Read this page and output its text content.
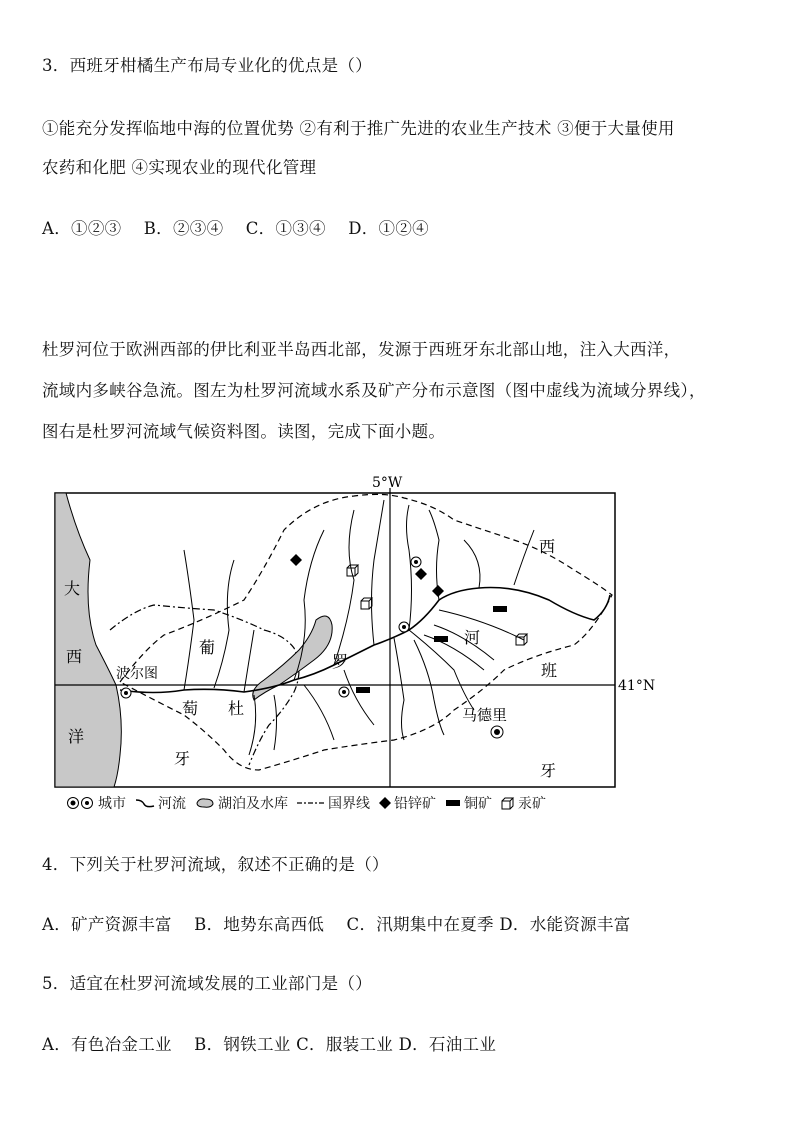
3．西班牙柑橘生产布局专业化的优点是（）
①能充分发挥临地中海的位置优势 ②有利于推广先进的农业生产技术 ③便于大量使用
农药和化肥 ④实现农业的现代化管理
A．①②③　 B．②③④　 C．①③④　 D．①②④
杜罗河位于欧洲西部的伊比利亚半岛西北部，发源于西班牙东北部山地，注入大西洋，
流域内多峡谷急流。图左为杜罗河流域水系及矿产分布示意图（图中虚线为流域分界线），
图右是杜罗河流域气候资料图。读图，完成下面小题。
5°W
41°N
大
西
洋
波尔图
葡
萄
牙
西
班
牙
杜
罗
河
马德里
城市 河流 湖泊及水库	国界线 铅锌矿 铜矿 汞矿
4．下列关于杜罗河流域，叙述不正确的是（）
A．矿产资源丰富　 B．地势东高西低　 C．汛期集中在夏季 D．水能资源丰富
5．适宜在杜罗河流域发展的工业部门是（）
A．有色冶金工业　 B．钢铁工业 C．服装工业 D．石油工业
